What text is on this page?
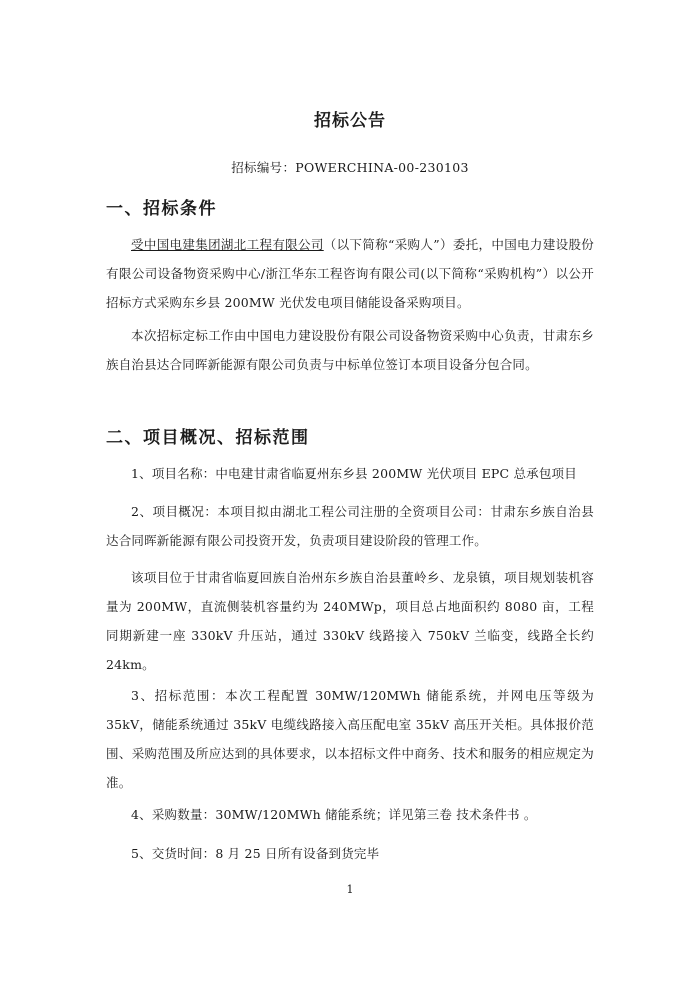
招标公告
招标编号：POWERCHINA-00-230103
一、招标条件
受中国电建集团湖北工程有限公司（以下简称“采购人”）委托，中国电力建设股份有限公司设备物资采购中心/浙江华东工程咨询有限公司(以下简称“采购机构”）以公开招标方式采购东乡县 200MW 光伏发电项目储能设备采购项目。
本次招标定标工作由中国电力建设股份有限公司设备物资采购中心负责，甘肃东乡族自治县达合同晖新能源有限公司负责与中标单位签订本项目设备分包合同。
二、项目概况、招标范围
1、项目名称：中电建甘肃省临夏州东乡县 200MW 光伏项目 EPC 总承包项目
2、项目概况：本项目拟由湖北工程公司注册的全资项目公司：甘肃东乡族自治县达合同晖新能源有限公司投资开发，负责项目建设阶段的管理工作。
该项目位于甘肃省临夏回族自治州东乡族自治县董岭乡、龙泉镇，项目规划装机容量为 200MW，直流侧装机容量约为 240MWp，项目总占地面积约 8080 亩，工程同期新建一座 330kV 升压站，通过 330kV 线路接入 750kV 兰临变，线路全长约 24km。
3、招标范围：本次工程配置 30MW/120MWh 储能系统，并网电压等级为 35kV，储能系统通过 35kV 电缆线路接入高压配电室 35kV 高压开关柜。具体报价范围、采购范围及所应达到的具体要求，以本招标文件中商务、技术和服务的相应规定为准。
4、采购数量：30MW/120MWh 储能系统；详见第三卷 技术条件书 。
5、交货时间：8 月 25 日所有设备到货完毕
1
